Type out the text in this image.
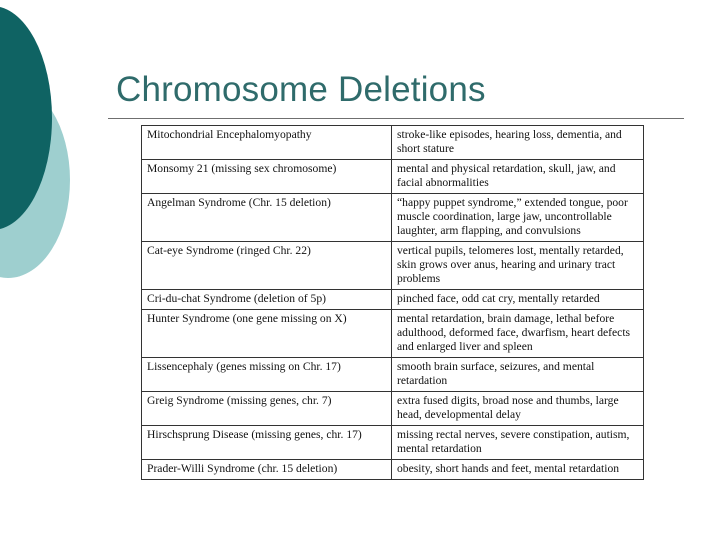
Chromosome Deletions
Mitochondrial Encephalomyopathy	stroke-like episodes, hearing loss, dementia, and short stature
Monsomy 21 (missing sex chromosome)	mental and physical retardation, skull, jaw, and facial abnormalities
Angelman Syndrome (Chr. 15 deletion)	“happy puppet syndrome,” extended tongue, poor muscle coordination, large jaw, uncontrollable laughter, arm flapping, and convulsions
Cat-eye Syndrome (ringed Chr. 22)	vertical pupils, telomeres lost, mentally retarded, skin grows over anus, hearing and urinary tract problems
Cri-du-chat Syndrome (deletion of 5p)	pinched face, odd cat cry, mentally retarded
Hunter Syndrome (one gene missing on X)	mental retardation, brain damage, lethal before adulthood, deformed face, dwarfism, heart defects and enlarged liver and spleen
Lissencephaly (genes missing on Chr. 17)	smooth brain surface, seizures, and mental retardation
Greig Syndrome (missing genes, chr. 7)	extra fused digits, broad nose and thumbs, large head, developmental delay
Hirschsprung Disease (missing genes, chr. 17)	missing rectal nerves, severe constipation, autism, mental retardation
Prader-Willi Syndrome (chr. 15 deletion)	obesity, short hands and feet, mental retardation
